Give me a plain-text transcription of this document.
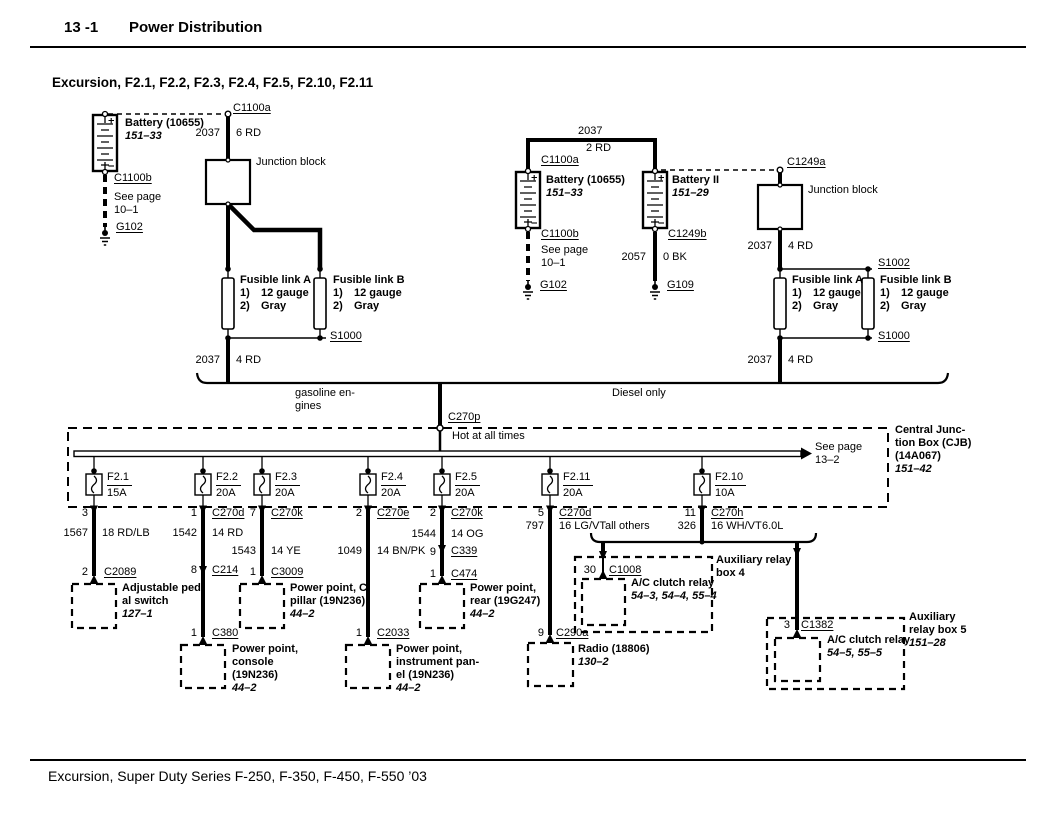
13 -1 Power Distribution
Excursion, F2.1, F2.2, F2.3, F2.4, F2.5, F2.10, F2.11
Excursion, Super Duty Series F-250, F-350, F-450, F-550 ’03
C1100a
Battery (10655)
151–33	2037 6 RD
Junction block
C1100b
See page
10–1
G102
Fusible link A
1) 12 gauge
2) Gray
Fusible link B
1) 12 gauge
2) Gray
S1000
2037 4 RD
2037
2 RD
C1100a
Battery (10655)
151–33
Battery II
151–29
C1249a
C1100b
See page
10–1
G102
C1249b
2057 0 BK
G109
Junction block
2037 4 RD
S1002
Fusible link A
1) 12 gauge
2) Gray
Fusible link B
1) 12 gauge
2) Gray
S1000
2037 4 RD
gasoline en-
gines
Diesel only
C270p
Hot at all times
See page
13–2
Central Junc-
tion Box (CJB)
(14A067)
151–42
F2.1
15A
F2.2
20A
F2.3
20A
F2.4
20A
F2.5
20A
F2.11
20A
F2.10
10A
3	1 C270d 7 C270k	2 C270e	2 C270k	5 C270d	11 C270h
1567 18 RD/LB	1542 14 RD
1543 14 YE	1049 14 BN/PK
1544 14 OG
797 16 LG/VT
all others	326 16 WH/VT 6.0L
2 C2089
Adjustable ped-
al switch
127–1
8 C214
1 C380
Power point,
console
(19N236)
44–2
1 C3009
Power point, C
pillar (19N236)
44–2
1 C2033
Power point,
instrument pan-
el (19N236)
44–2
9 C339
1 C474
Power point,
rear (19G247)
44–2
9 C290a
Radio (18806)
130–2
30 C1008
Auxiliary relay
box 4
A/C clutch relay
54–3, 54–4, 55–4
3 C1382
A/C clutch relay
54–5, 55–5
Auxiliary
relay box 5
151–28
